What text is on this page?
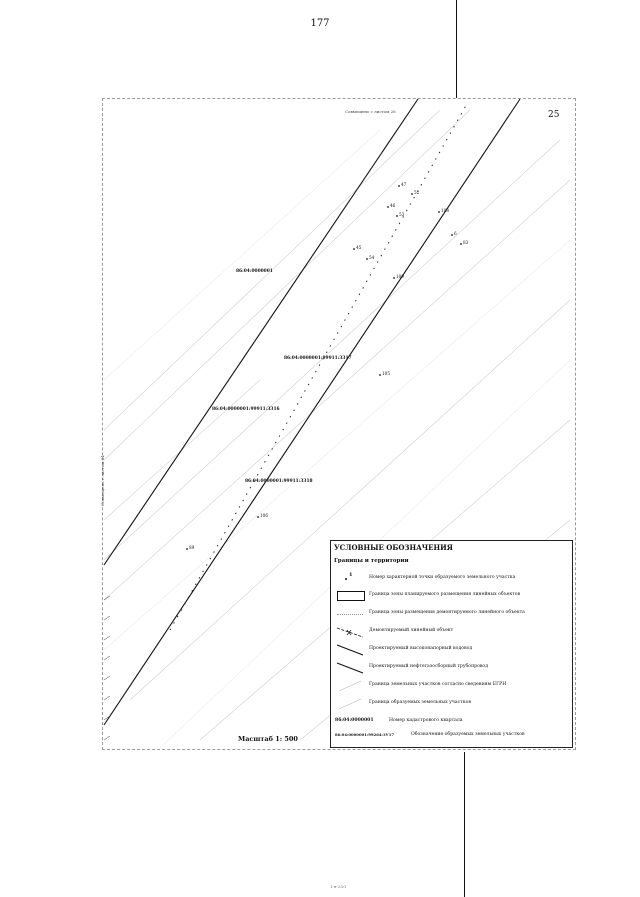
177
25
Совмещено с листом 26
Совмещено с листом 24
86:04:0000001
86:04:0000001:99911:3317
86:04:0000001:99911:3316
86:04:0000001:99911:3318
47
52
46
53
108
6
83
45
54
109
105
106
89	УСЛОВНЫЕ ОБОЗНАЧЕНИЯ
Границы и территории
1	Номер характерной точки образуемого земельного участка
Граница зоны планируемого размещения линейных объектов
Граница зоны размещения демонтируемого линейного объекта
Демонтируемый линейный объект
Проектируемый высоконапорный водовод
Проектируемый нефтегазосборный трубопровод
Граница земельных участков согласно сведениям ЕГРН
Граница образуемых земельных участков
86:04:0000001	Номер кадастрового квартала
86:04:0000001:99264:ЗУ17	Обозначение образуемых земельных участков
Масштаб 1: 500
1-я-2&1
